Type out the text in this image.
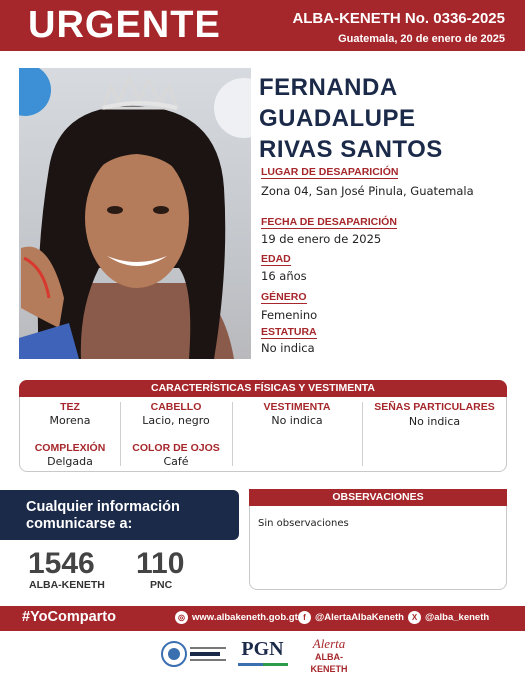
URGENTE	ALBA-KENETH No. 0336-2025
Guatemala, 20 de enero de 2025
FERNANDA
GUADALUPE
RIVAS SANTOS
LUGAR DE DESAPARICIÓN
Zona 04, San José Pinula, Guatemala
FECHA DE DESAPARICIÓN
19 de enero de 2025
EDAD
16 años
GÉNERO
Femenino
ESTATURA
No indica
CARACTERÍSTICAS FÍSICAS Y VESTIMENTA
TEZ
Morena
CABELLO
Lacio, negro
VESTIMENTA
No indica
SEÑAS PARTICULARES
No indica
COMPLEXIÓN
Delgada
COLOR DE OJOS
Café
Cualquier información
comunicarse a:
1546
ALBA-KENETH
110
PNC
OBSERVACIONES
Sin observaciones
#YoComparto	◎ www.albakeneth.gob.gt f @AlertaAlbaKeneth X @alba_keneth
PGN	Alerta
ALBA-KENETH
